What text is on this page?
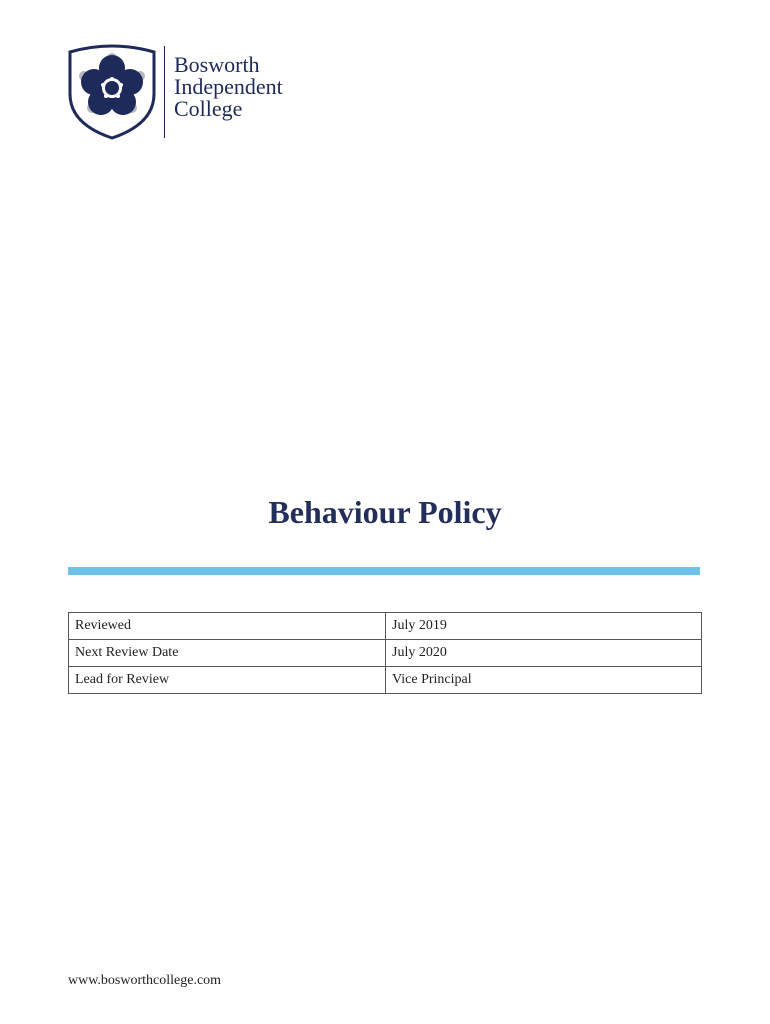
Bosworth
Independent
College
Behaviour Policy
Reviewed	July 2019
Next Review Date	July 2020
Lead for Review	Vice Principal
www.bosworthcollege.com
